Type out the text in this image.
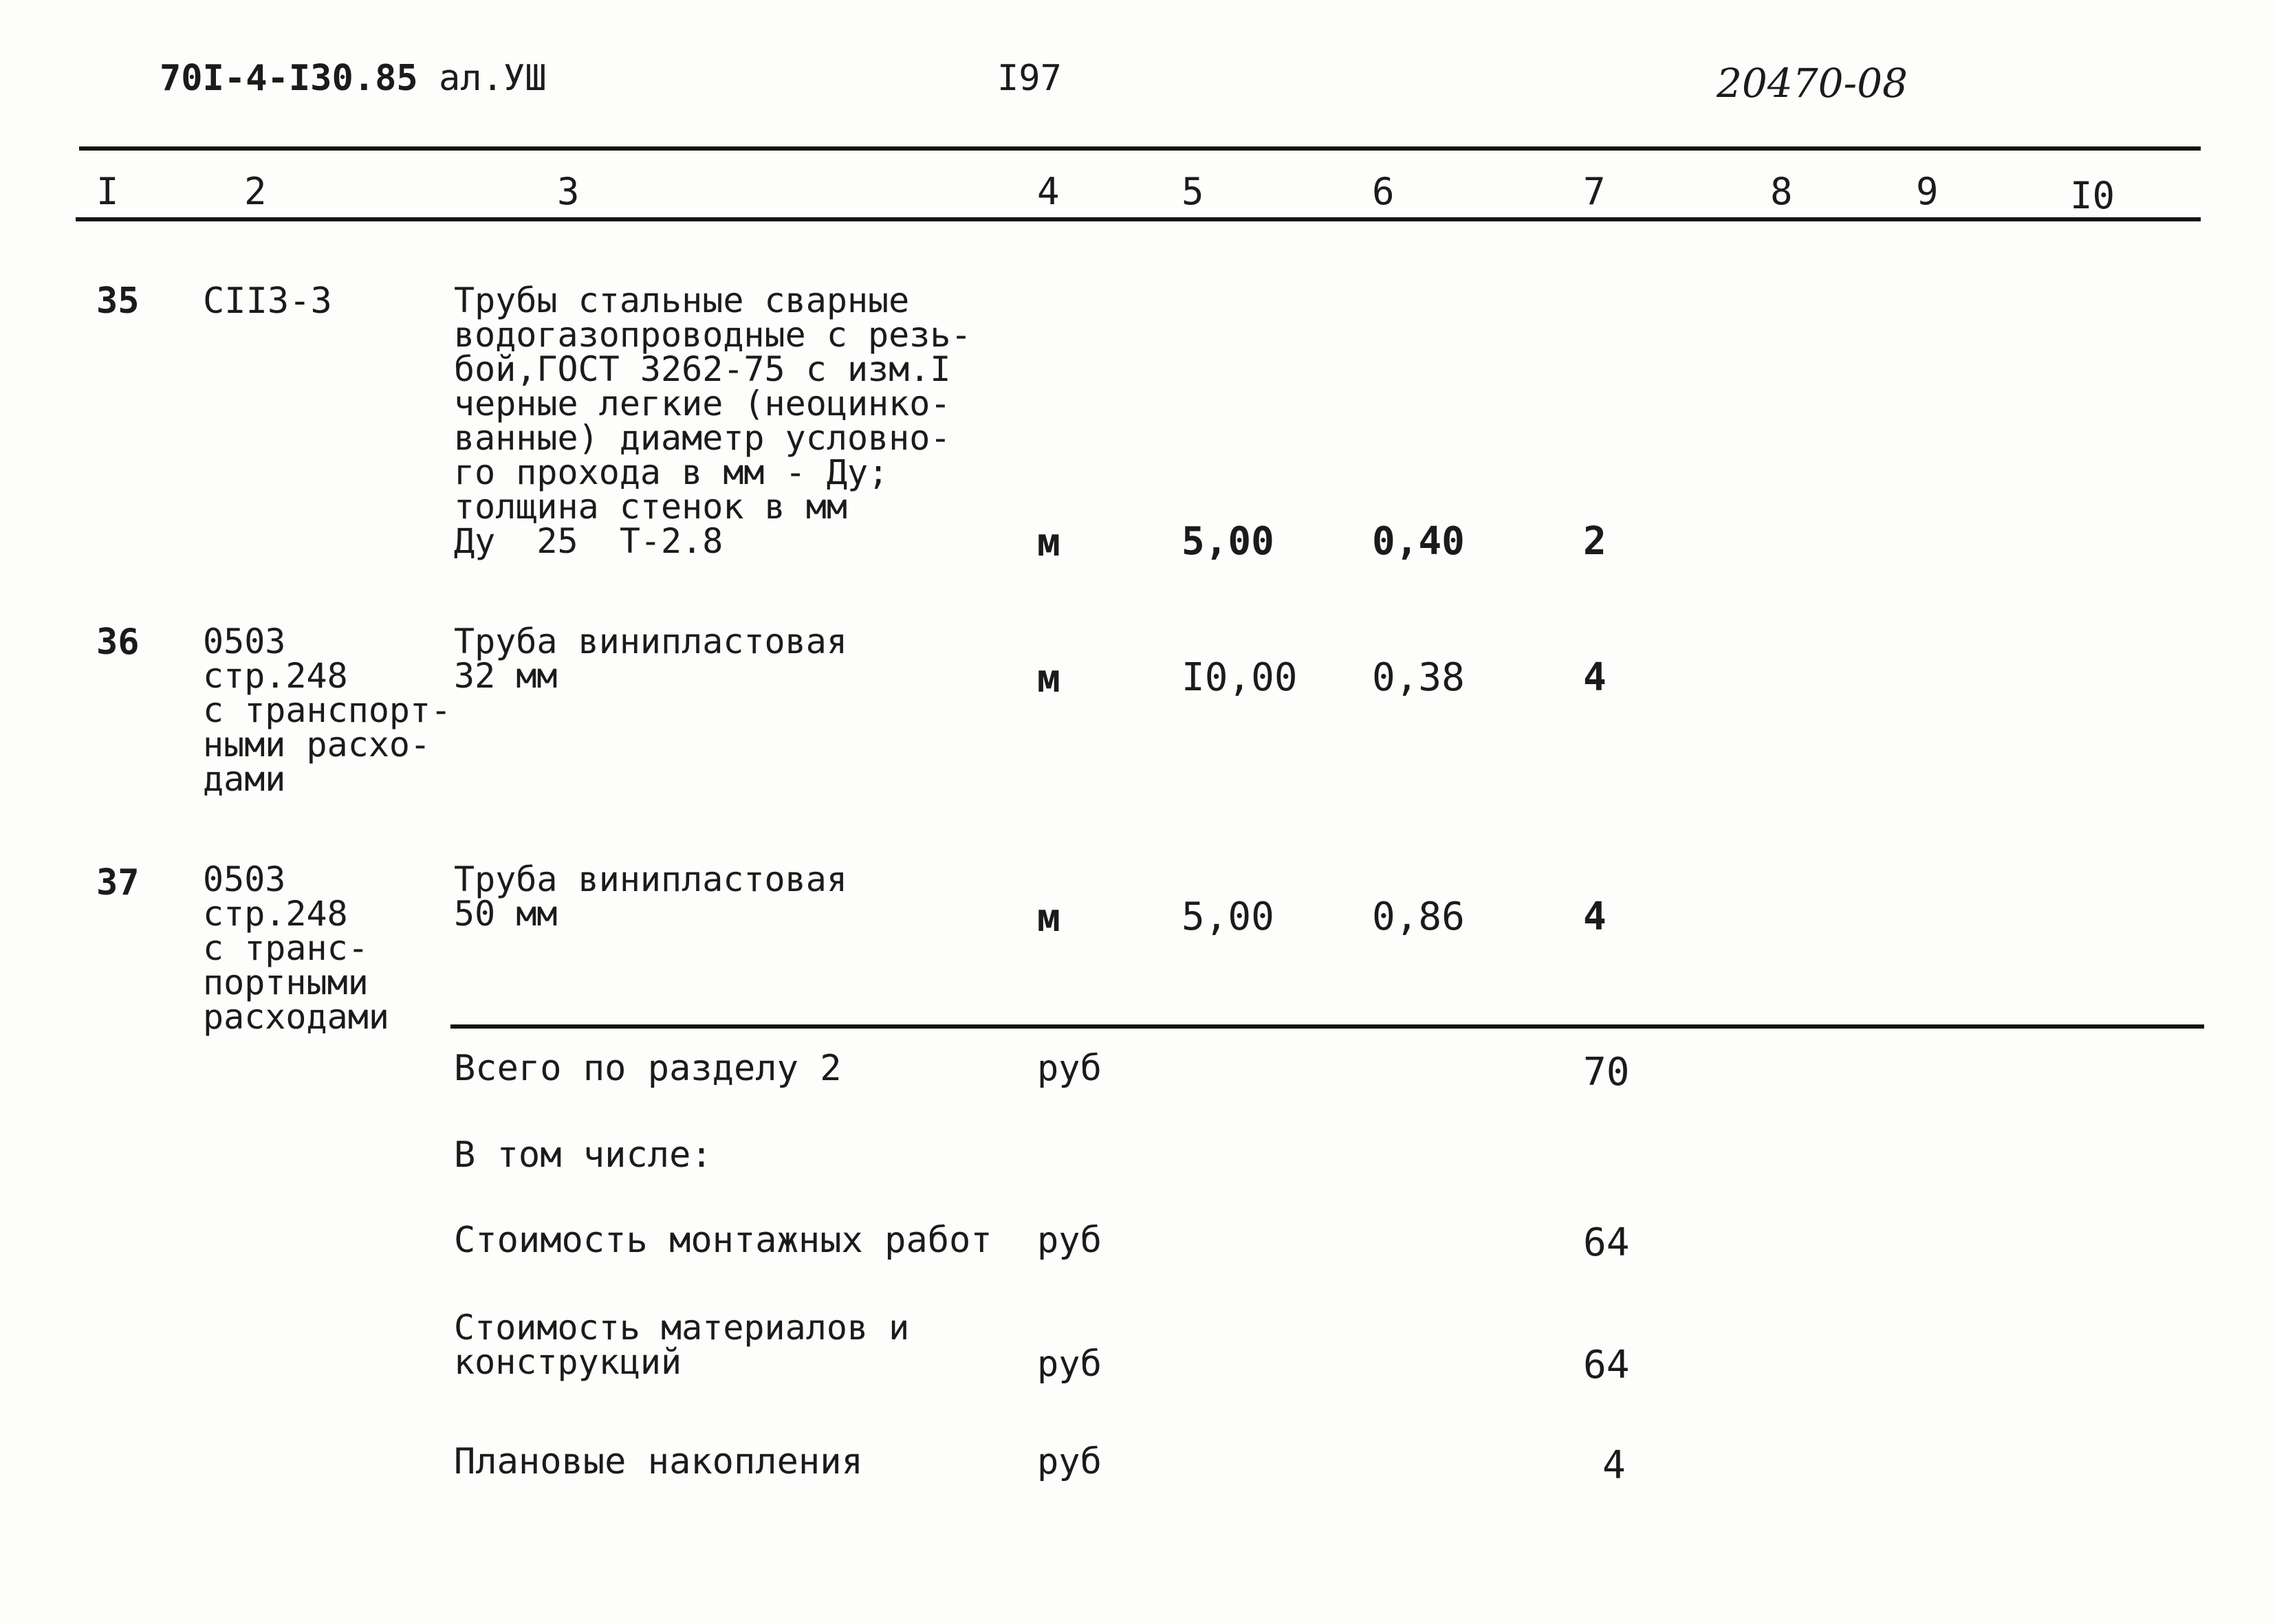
70I-4-I30.85 ал.УШ	I97	20470-08
I	2	3	4	5	6	7	8	9	I0
35 CII3-3	Трубы стальные сварные
водогазопроводные с резь-
бой,ГОСТ 3262-75 с изм.I
черные легкие (неоцинко-
ванные) диаметр условно-
го прохода в мм - Ду;
толщина стенок в мм
Ду  25  Т-2.8	м	5,00	0,40	2
36 0503
стр.248
с транспорт-
ными расхо-
дами
Труба винипластовая
32 мм	м	I0,00 0,38	4
37 0503
стр.248
с транс-
портными
расходами
Труба винипластовая
50 мм	м	5,00	0,86	4
Всего по разделу 2	руб	70
В том числе:
Стоимость монтажных работ руб	64
Стоимость материалов и
конструкций	руб	64
Плановые накопления	руб	4
